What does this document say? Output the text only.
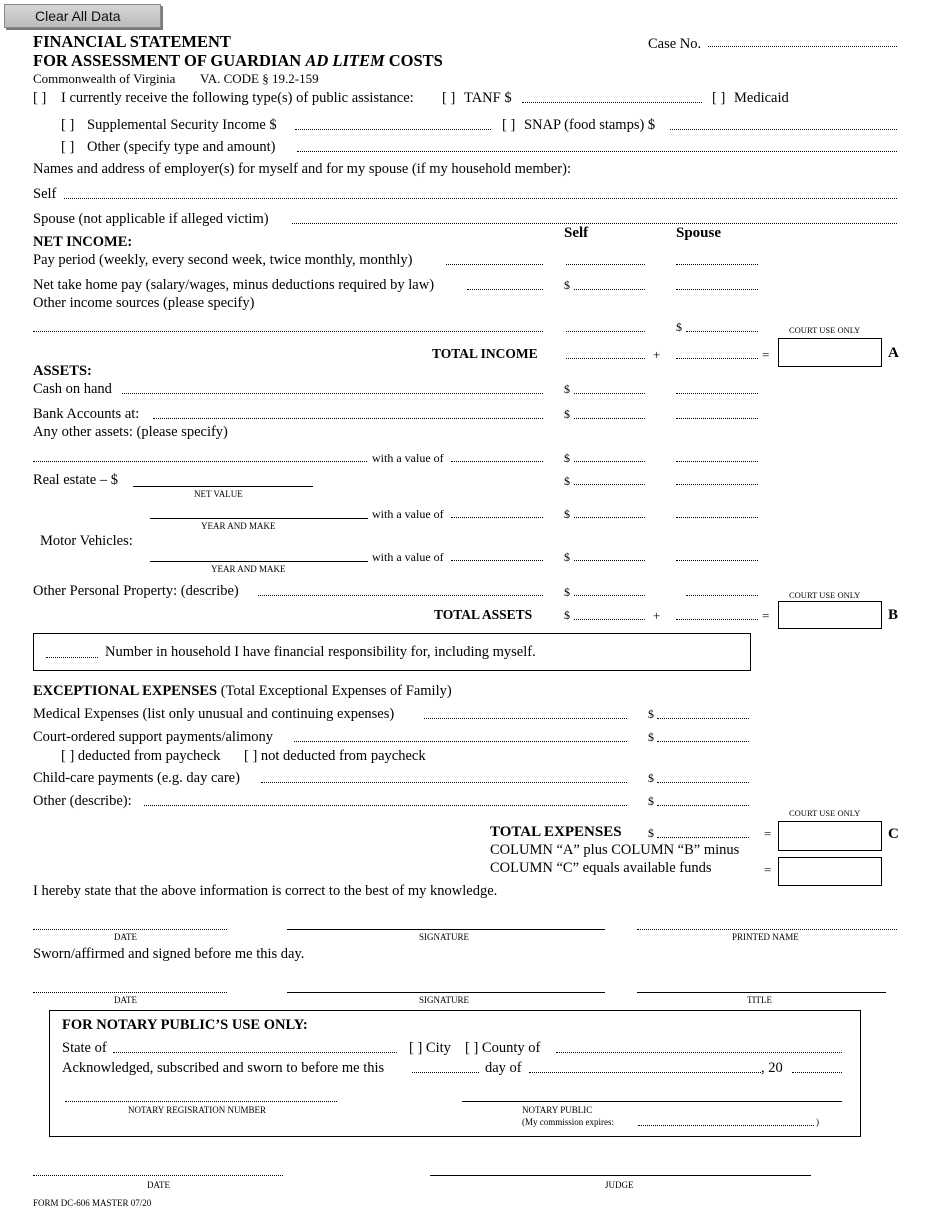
Clear All Data
FINANCIAL STATEMENT
FOR ASSESSMENT OF GUARDIAN AD LITEM COSTS
Commonwealth of Virginia VA. CODE § 19.2-159
Case No.
[ ] I currently receive the following type(s) of public assistance: [ ] TANF $	[ ] Medicaid
[ ] Supplemental Security Income $	[ ] SNAP (food stamps) $
[ ] Other (specify type and amount)
Names and address of employer(s) for myself and for my spouse (if my household member):
Self
Spouse (not applicable if alleged victim)
Self	Spouse
NET INCOME:
Pay period (weekly, every second week, twice monthly, monthly)
Net take home pay (salary/wages, minus deductions required by law)	$
Other income sources (please specify)
$	COURT USE ONLY
A
TOTAL INCOME	+	=
ASSETS:
Cash on hand	$
Bank Accounts at:	$
Any other assets: (please specify)
with a value of	$
Real estate – $
NET VALUE
$
YEAR AND MAKE
with a value of	$
Motor Vehicles:
YEAR AND MAKE
with a value of	$
Other Personal Property: (describe)	$	COURT USE ONLY
B
TOTAL ASSETS	$	+	=
Number in household I have financial responsibility for, including myself.
EXCEPTIONAL EXPENSES (Total Exceptional Expenses of Family)
Medical Expenses (list only unusual and continuing expenses)	$
Court-ordered support payments/alimony	$
[ ] deducted from paycheck [ ] not deducted from paycheck
Child-care payments (e.g. day care)	$
Other (describe):	$
COURT USE ONLY
C
TOTAL EXPENSES $	=
COLUMN “A” plus COLUMN “B” minus
COLUMN “C” equals available funds	=
I hereby state that the above information is correct to the best of my knowledge.
DATE	SIGNATURE	PRINTED NAME
Sworn/affirmed and signed before me this day.
DATE	SIGNATURE	TITLE
FOR NOTARY PUBLIC’S USE ONLY:
State of	[ ] City [ ] County of
Acknowledged, subscribed and sworn to before me this	day of	, 20
NOTARY REGISRATION NUMBER	NOTARY PUBLIC
(My commission expires:	)
DATE	JUDGE
FORM DC-606 MASTER 07/20
